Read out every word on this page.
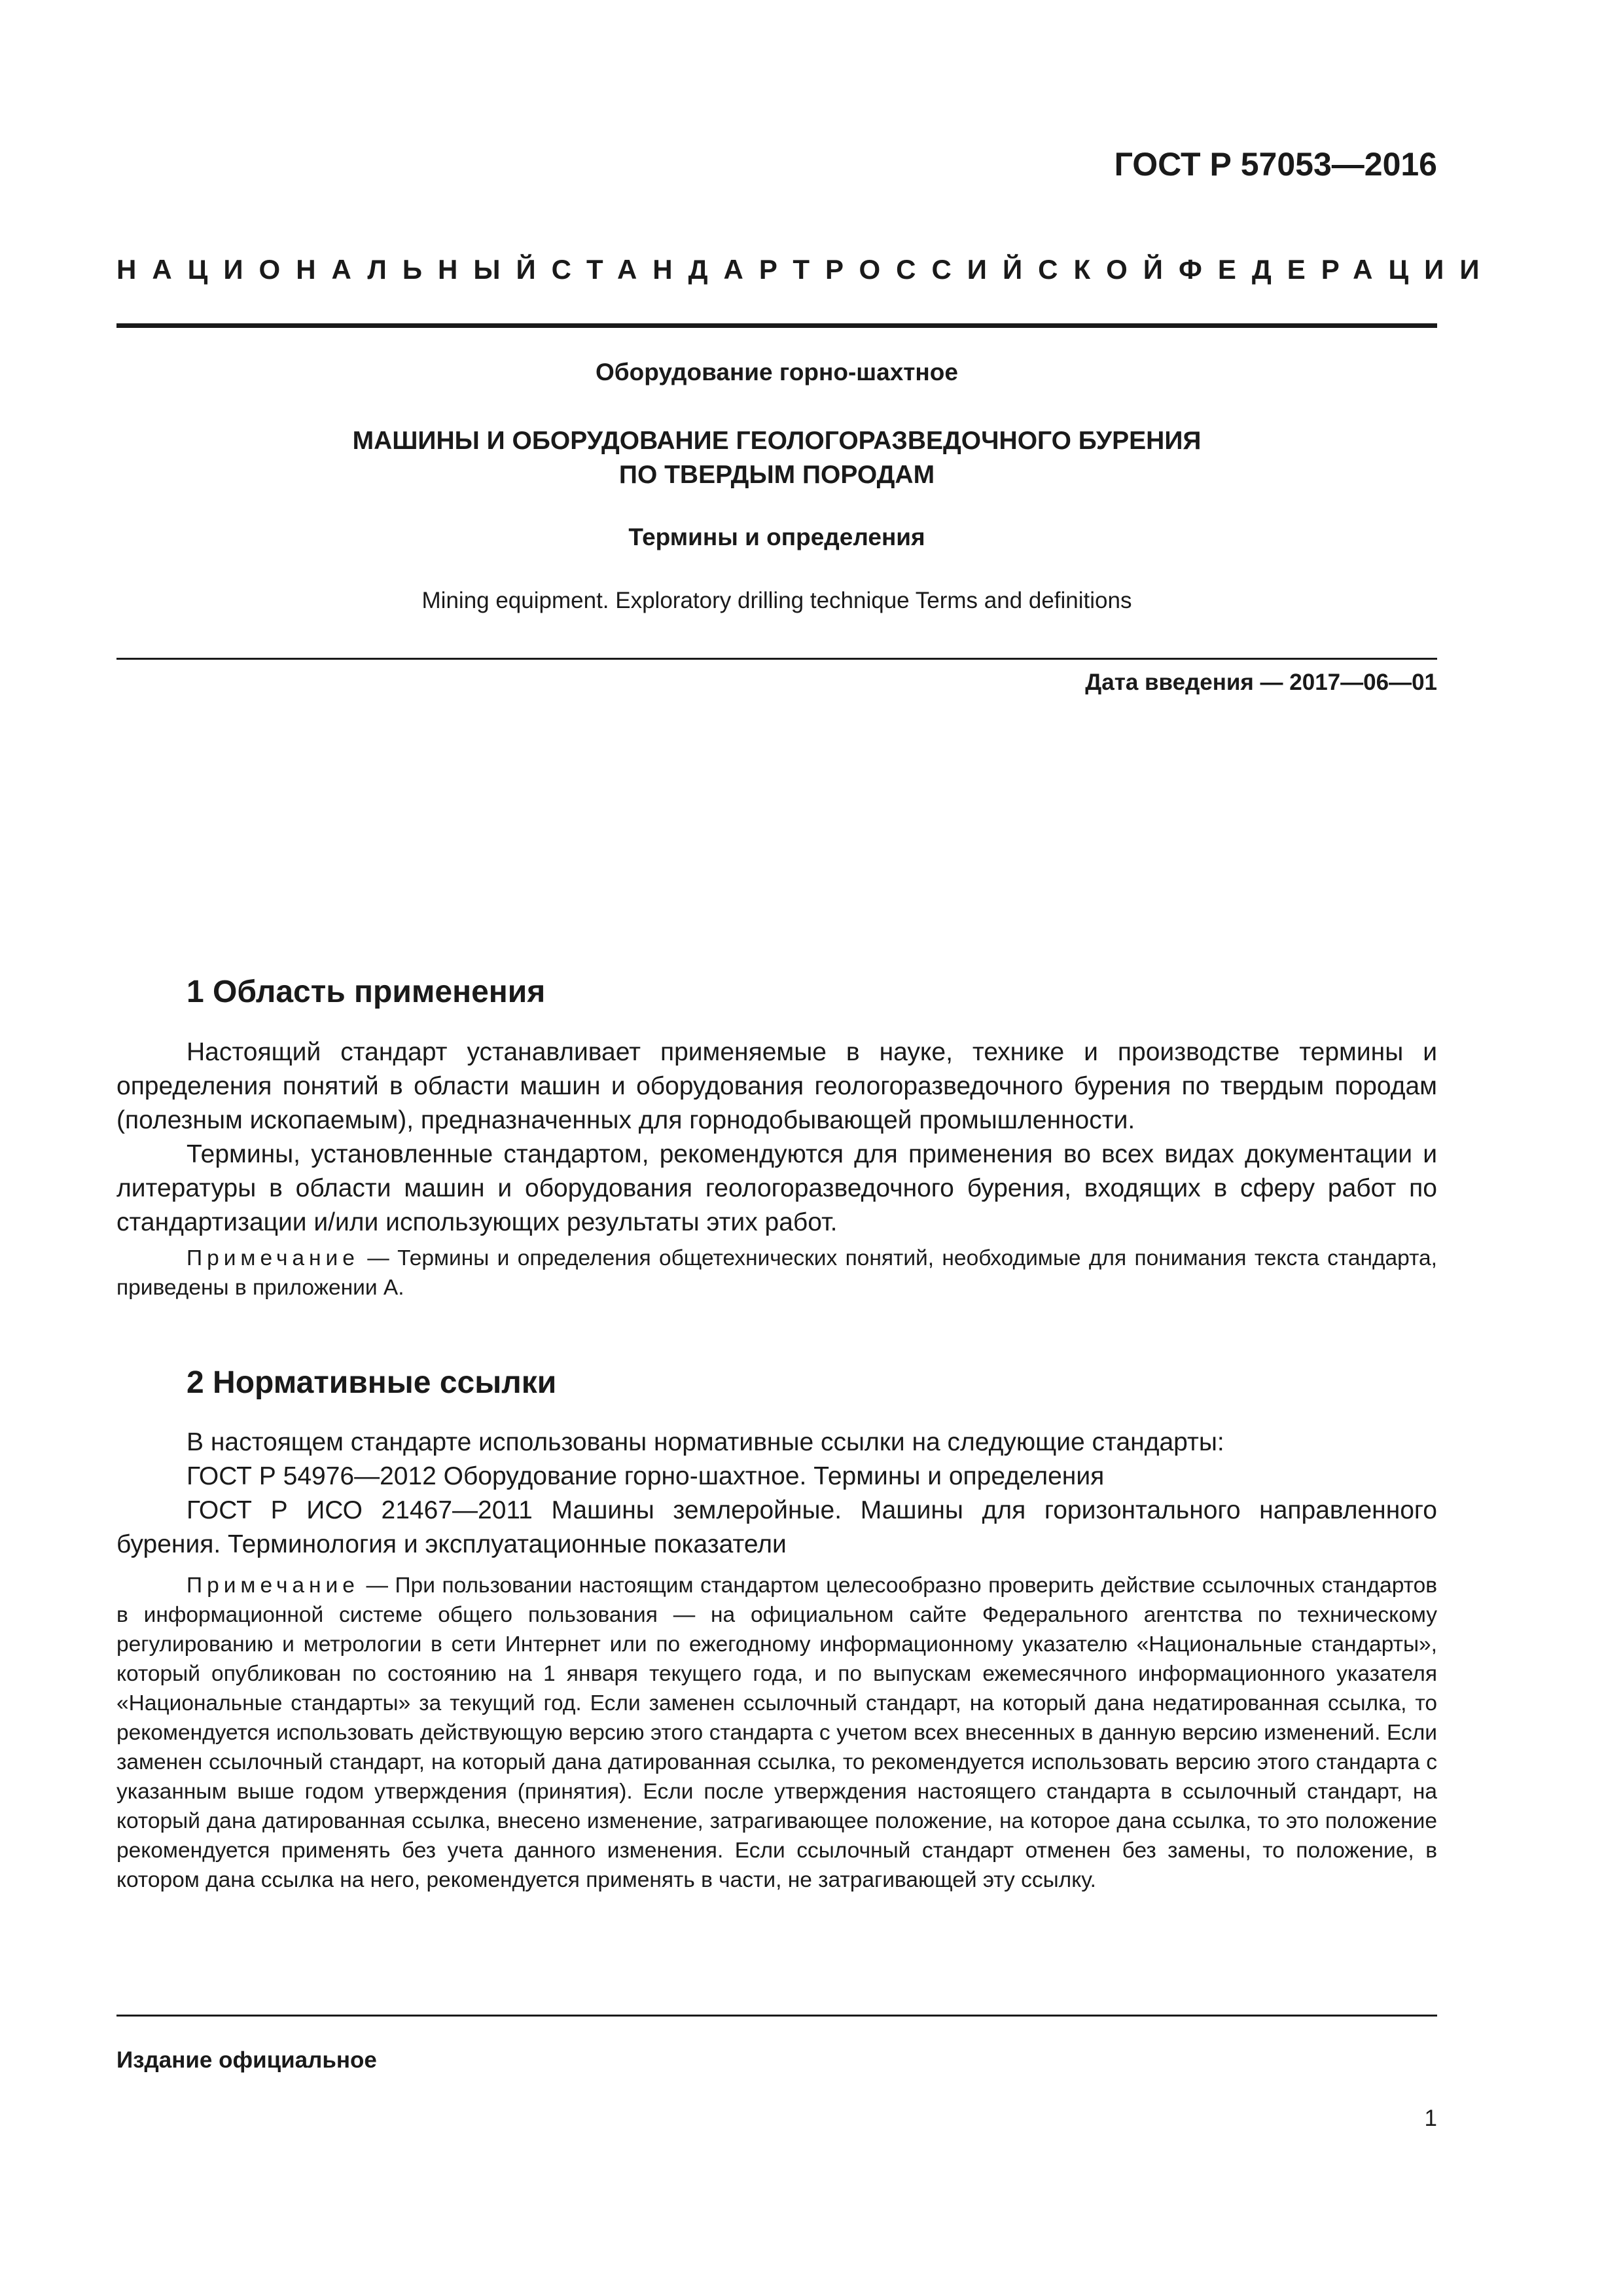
ГОСТ Р 57053—2016
НАЦИОНАЛЬНЫЙ СТАНДАРТ РОССИЙСКОЙ ФЕДЕРАЦИИ
Оборудование горно-шахтное
МАШИНЫ И ОБОРУДОВАНИЕ ГЕОЛОГОРАЗВЕДОЧНОГО БУРЕНИЯ
ПО ТВЕРДЫМ ПОРОДАМ
Термины и определения
Mining equipment. Exploratory drilling technique Terms and definitions
Дата введения — 2017—06—01
1 Область применения

Настоящий стандарт устанавливает применяемые в науке, технике и производстве термины и определения понятий в области машин и оборудования геологоразведочного бурения по твердым породам (полезным ископаемым), предназначенных для горнодобывающей промышленности.

Термины, установленные стандартом, рекомендуются для применения во всех видах документации и литературы в области машин и оборудования геологоразведочного бурения, входящих в сферу работ по стандартизации и/или использующих результаты этих работ.

Примечание — Термины и определения общетехнических понятий, необходимые для понимания текста стандарта, приведены в приложении А.

2 Нормативные ссылки

В настоящем стандарте использованы нормативные ссылки на следующие стандарты:

ГОСТ Р 54976—2012 Оборудование горно-шахтное. Термины и определения

ГОСТ Р ИСО 21467—2011 Машины землеройные. Машины для горизонтального направленного бурения. Терминология и эксплуатационные показатели

Примечание — При пользовании настоящим стандартом целесообразно проверить действие ссылочных стандартов в информационной системе общего пользования — на официальном сайте Федерального агентства по техническому регулированию и метрологии в сети Интернет или по ежегодному информационному указателю «Национальные стандарты», который опубликован по состоянию на 1 января текущего года, и по выпускам ежемесячного информационного указателя «Национальные стандарты» за текущий год. Если заменен ссылочный стандарт, на который дана недатированная ссылка, то рекомендуется использовать действующую версию этого стандарта с учетом всех внесенных в данную версию изменений. Если заменен ссылочный стандарт, на который дана датированная ссылка, то рекомендуется использовать версию этого стандарта с указанным выше годом утверждения (принятия). Если после утверждения настоящего стандарта в ссылочный стандарт, на который дана датированная ссылка, внесено изменение, затрагивающее положение, на которое дана ссылка, то это положение рекомендуется применять без учета данного изменения. Если ссылочный стандарт отменен без замены, то положение, в котором дана ссылка на него, рекомендуется применять в части, не затрагивающей эту ссылку.

Издание официальное
1
